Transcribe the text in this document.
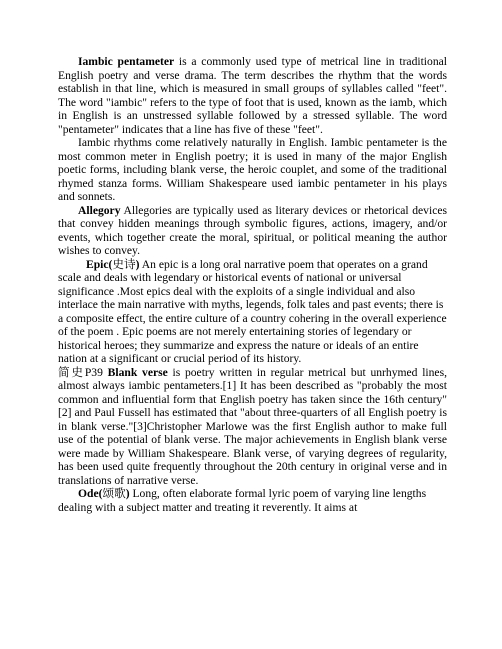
Iambic pentameter is a commonly used type of metrical line in traditional English poetry and verse drama. The term describes the rhythm that the words establish in that line, which is measured in small groups of syllables called "feet". The word "iambic" refers to the type of foot that is used, known as the iamb, which in English is an unstressed syllable followed by a stressed syllable. The word "pentameter" indicates that a line has five of these "feet".

Iambic rhythms come relatively naturally in English. Iambic pentameter is the most common meter in English poetry; it is used in many of the major English poetic forms, including blank verse, the heroic couplet, and some of the traditional rhymed stanza forms. William Shakespeare used iambic pentameter in his plays and sonnets.

Allegory Allegories are typically used as literary devices or rhetorical devices that convey hidden meanings through symbolic figures, actions, imagery, and/or events, which together create the moral, spiritual, or political meaning the author wishes to convey.

Epic(史诗) An epic is a long oral narrative poem that operates on a grand scale and deals with legendary or historical events of national or universal significance .Most epics deal with the exploits of a single individual and also interlace the main narrative with myths, legends, folk tales and past events; there is a composite effect, the entire culture of a country cohering in the overall experience of the poem . Epic poems are not merely entertaining stories of legendary or historical heroes; they summarize and express the nature or ideals of an entire nation at a significant or crucial period of its history.

简史P39 Blank verse is poetry written in regular metrical but unrhymed lines, almost always iambic pentameters.[1] It has been described as "probably the most common and influential form that English poetry has taken since the 16th century"[2] and Paul Fussell has estimated that "about three-quarters of all English poetry is in blank verse."[3]Christopher Marlowe was the first English author to make full use of the potential of blank verse. The major achievements in English blank verse were made by William Shakespeare. Blank verse, of varying degrees of regularity, has been used quite frequently throughout the 20th century in original verse and in translations of narrative verse.

Ode(颂歌) Long, often elaborate formal lyric poem of varying line lengths dealing with a subject matter and treating it reverently. It aims at
